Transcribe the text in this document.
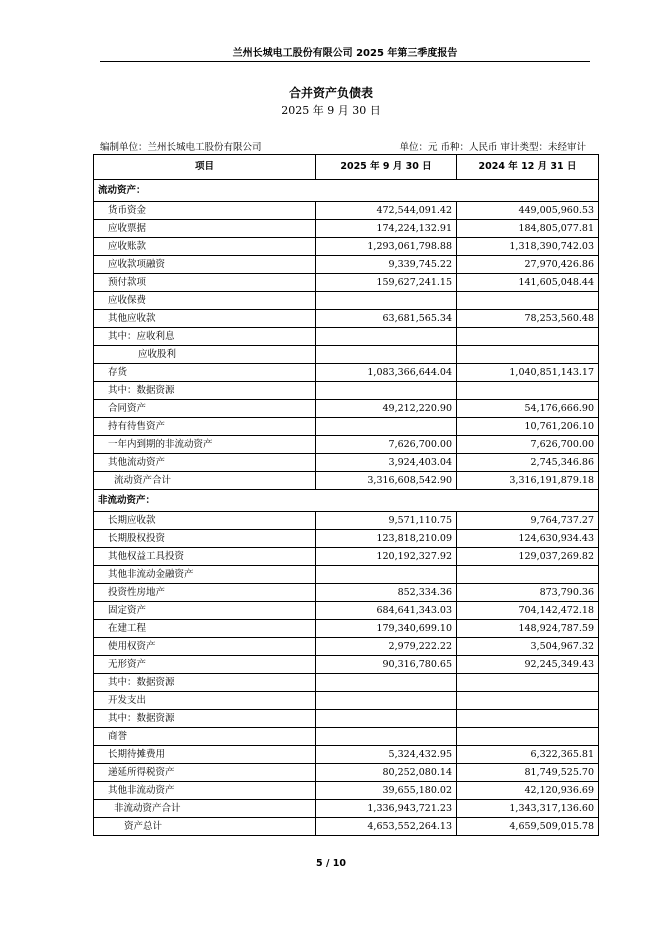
兰州长城电工股份有限公司 2025 年第三季度报告
合并资产负债表
2025 年 9 月 30 日
编制单位：兰州长城电工股份有限公司	单位：元 币种：人民币 审计类型：未经审计
项目	2025 年 9 月 30 日	2024 年 12 月 31 日
流动资产：		
货币资金	472,544,091.42	449,005,960.53
应收票据	174,224,132.91	184,805,077.81
应收账款	1,293,061,798.88	1,318,390,742.03
应收款项融资	9,339,745.22	27,970,426.86
预付款项	159,627,241.15	141,605,048.44
应收保费		
其他应收款	63,681,565.34	78,253,560.48
其中：应收利息		
应收股利		
存货	1,083,366,644.04	1,040,851,143.17
其中：数据资源		
合同资产	49,212,220.90	54,176,666.90
持有待售资产		10,761,206.10
一年内到期的非流动资产	7,626,700.00	7,626,700.00
其他流动资产	3,924,403.04	2,745,346.86
流动资产合计	3,316,608,542.90	3,316,191,879.18
非流动资产：		
长期应收款	9,571,110.75	9,764,737.27
长期股权投资	123,818,210.09	124,630,934.43
其他权益工具投资	120,192,327.92	129,037,269.82
其他非流动金融资产		
投资性房地产	852,334.36	873,790.36
固定资产	684,641,343.03	704,142,472.18
在建工程	179,340,699.10	148,924,787.59
使用权资产	2,979,222.22	3,504,967.32
无形资产	90,316,780.65	92,245,349.43
其中：数据资源		
开发支出		
其中：数据资源		
商誉		
长期待摊费用	5,324,432.95	6,322,365.81
递延所得税资产	80,252,080.14	81,749,525.70
其他非流动资产	39,655,180.02	42,120,936.69
非流动资产合计	1,336,943,721.23	1,343,317,136.60
资产总计	4,653,552,264.13	4,659,509,015.78
5 / 10
